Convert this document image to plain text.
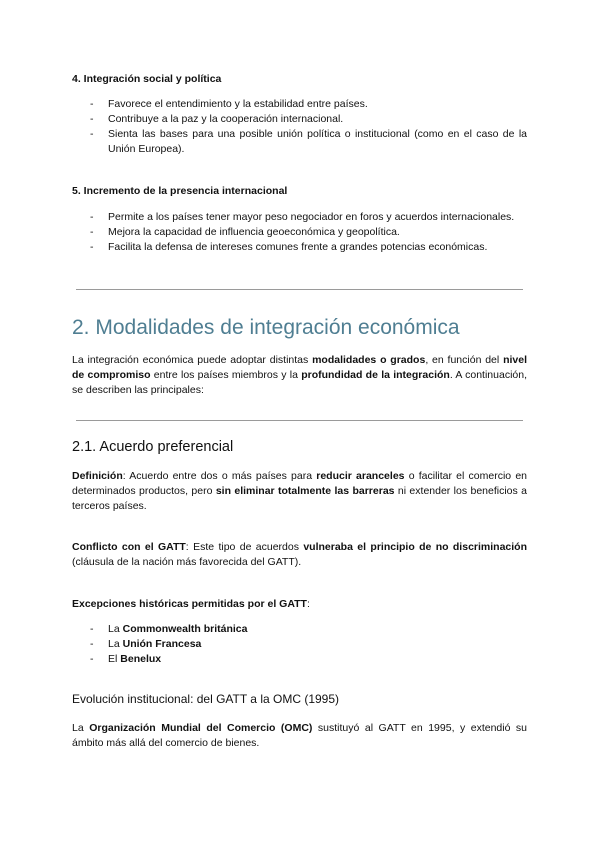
4. Integración social y política
- Favorece el entendimiento y la estabilidad entre países.
- Contribuye a la paz y la cooperación internacional.
- Sienta las bases para una posible unión política o institucional (como en el caso de la Unión Europea).
5. Incremento de la presencia internacional
- Permite a los países tener mayor peso negociador en foros y acuerdos internacionales.
- Mejora la capacidad de influencia geoeconómica y geopolítica.
- Facilita la defensa de intereses comunes frente a grandes potencias económicas.
2. Modalidades de integración económica

La integración económica puede adoptar distintas modalidades o grados, en función del nivel de compromiso entre los países miembros y la profundidad de la integración. A continuación, se describen las principales:

2.1. Acuerdo preferencial

Definición: Acuerdo entre dos o más países para reducir aranceles o facilitar el comercio en determinados productos, pero sin eliminar totalmente las barreras ni extender los beneficios a terceros países.

Conflicto con el GATT: Este tipo de acuerdos vulneraba el principio de no discriminación (cláusula de la nación más favorecida del GATT).

Excepciones históricas permitidas por el GATT:

- La Commonwealth británica
- La Unión Francesa
- El Benelux
Evolución institucional: del GATT a la OMC (1995)

La Organización Mundial del Comercio (OMC) sustituyó al GATT en 1995, y extendió su ámbito más allá del comercio de bienes.
